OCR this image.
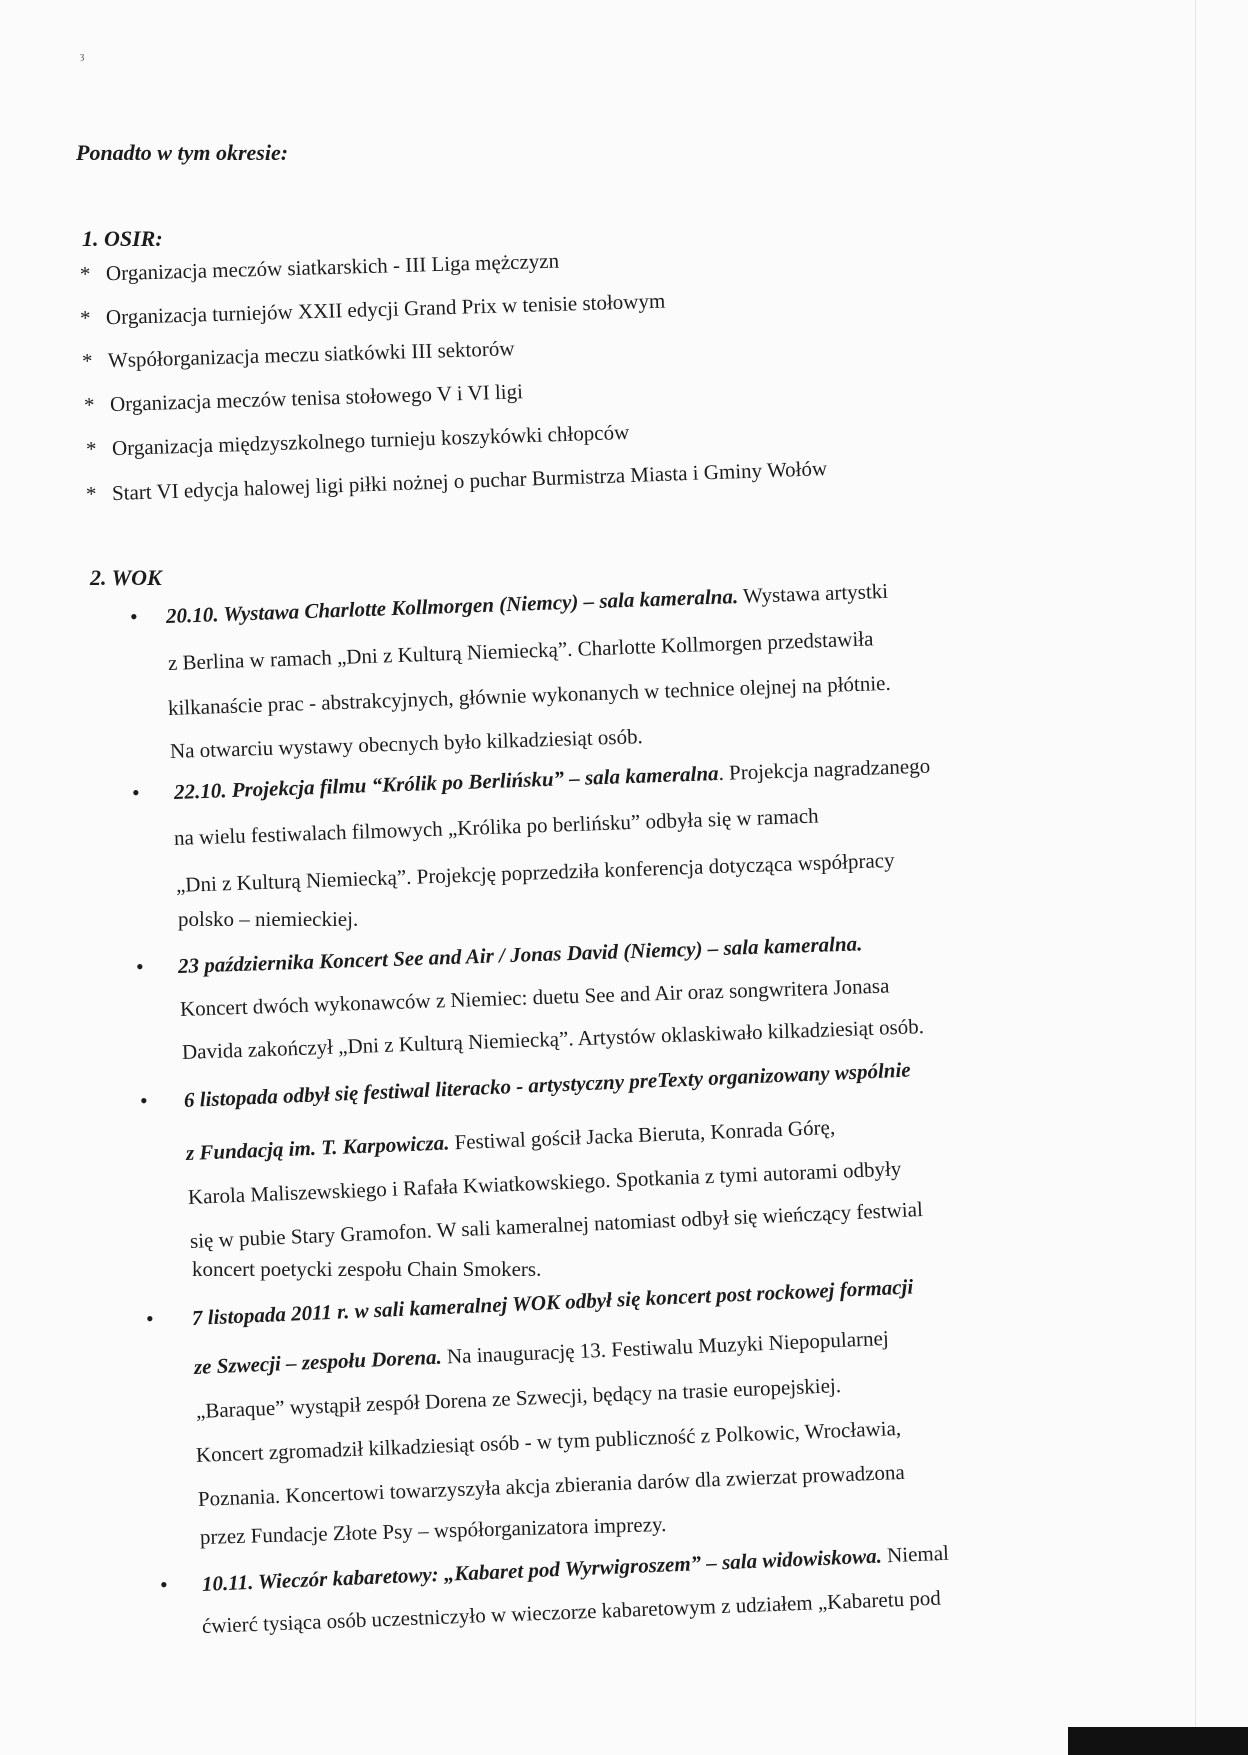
ȝ
Ponadto w tym okresie:
1. OSIR:
* Organizacja meczów siatkarskich - III Liga mężczyzn
* Organizacja turniejów XXII edycji Grand Prix w tenisie stołowym
* Współorganizacja meczu siatkówki III sektorów
* Organizacja meczów tenisa stołowego V i VI ligi
* Organizacja międzyszkolnego turnieju koszykówki chłopców
* Start VI edycja halowej ligi piłki nożnej o puchar Burmistrza Miasta i Gminy Wołów
2. WOK
• 20.10. Wystawa Charlotte Kollmorgen (Niemcy) – sala kameralna. Wystawa artystki
z Berlina w ramach „Dni z Kulturą Niemiecką”. Charlotte Kollmorgen przedstawiła
kilkanaście prac - abstrakcyjnych, głównie wykonanych w technice olejnej na płótnie.
Na otwarciu wystawy obecnych było kilkadziesiąt osób.
• 22.10. Projekcja filmu “Królik po Berlińsku” – sala kameralna. Projekcja nagradzanego
na wielu festiwalach filmowych „Królika po berlińsku” odbyła się w ramach
„Dni z Kulturą Niemiecką”. Projekcję poprzedziła konferencja dotycząca współpracy
polsko – niemieckiej.
• 23 października Koncert See and Air / Jonas David (Niemcy) – sala kameralna.
Koncert dwóch wykonawców z Niemiec: duetu See and Air oraz songwritera Jonasa
Davida zakończył „Dni z Kulturą Niemiecką”. Artystów oklaskiwało kilkadziesiąt osób.
• 6 listopada odbył się festiwal literacko - artystyczny preTexty organizowany wspólnie
z Fundacją im. T. Karpowicza. Festiwal gościł Jacka Bieruta, Konrada Górę,
Karola Maliszewskiego i Rafała Kwiatkowskiego. Spotkania z tymi autorami odbyły
się w pubie Stary Gramofon. W sali kameralnej natomiast odbył się wieńczący festwial
koncert poetycki zespołu Chain Smokers.
• 7 listopada 2011 r. w sali kameralnej WOK odbył się koncert post rockowej formacji
ze Szwecji – zespołu Dorena. Na inaugurację 13. Festiwalu Muzyki Niepopularnej
„Baraque” wystąpił zespół Dorena ze Szwecji, będący na trasie europejskiej.
Koncert zgromadził kilkadziesiąt osób - w tym publiczność z Polkowic, Wrocławia,
Poznania. Koncertowi towarzyszyła akcja zbierania darów dla zwierzat prowadzona
przez Fundacje Złote Psy – współorganizatora imprezy.
• 10.11. Wieczór kabaretowy: „Kabaret pod Wyrwigroszem” – sala widowiskowa. Niemal
ćwierć tysiąca osób uczestniczyło w wieczorze kabaretowym z udziałem „Kabaretu pod
